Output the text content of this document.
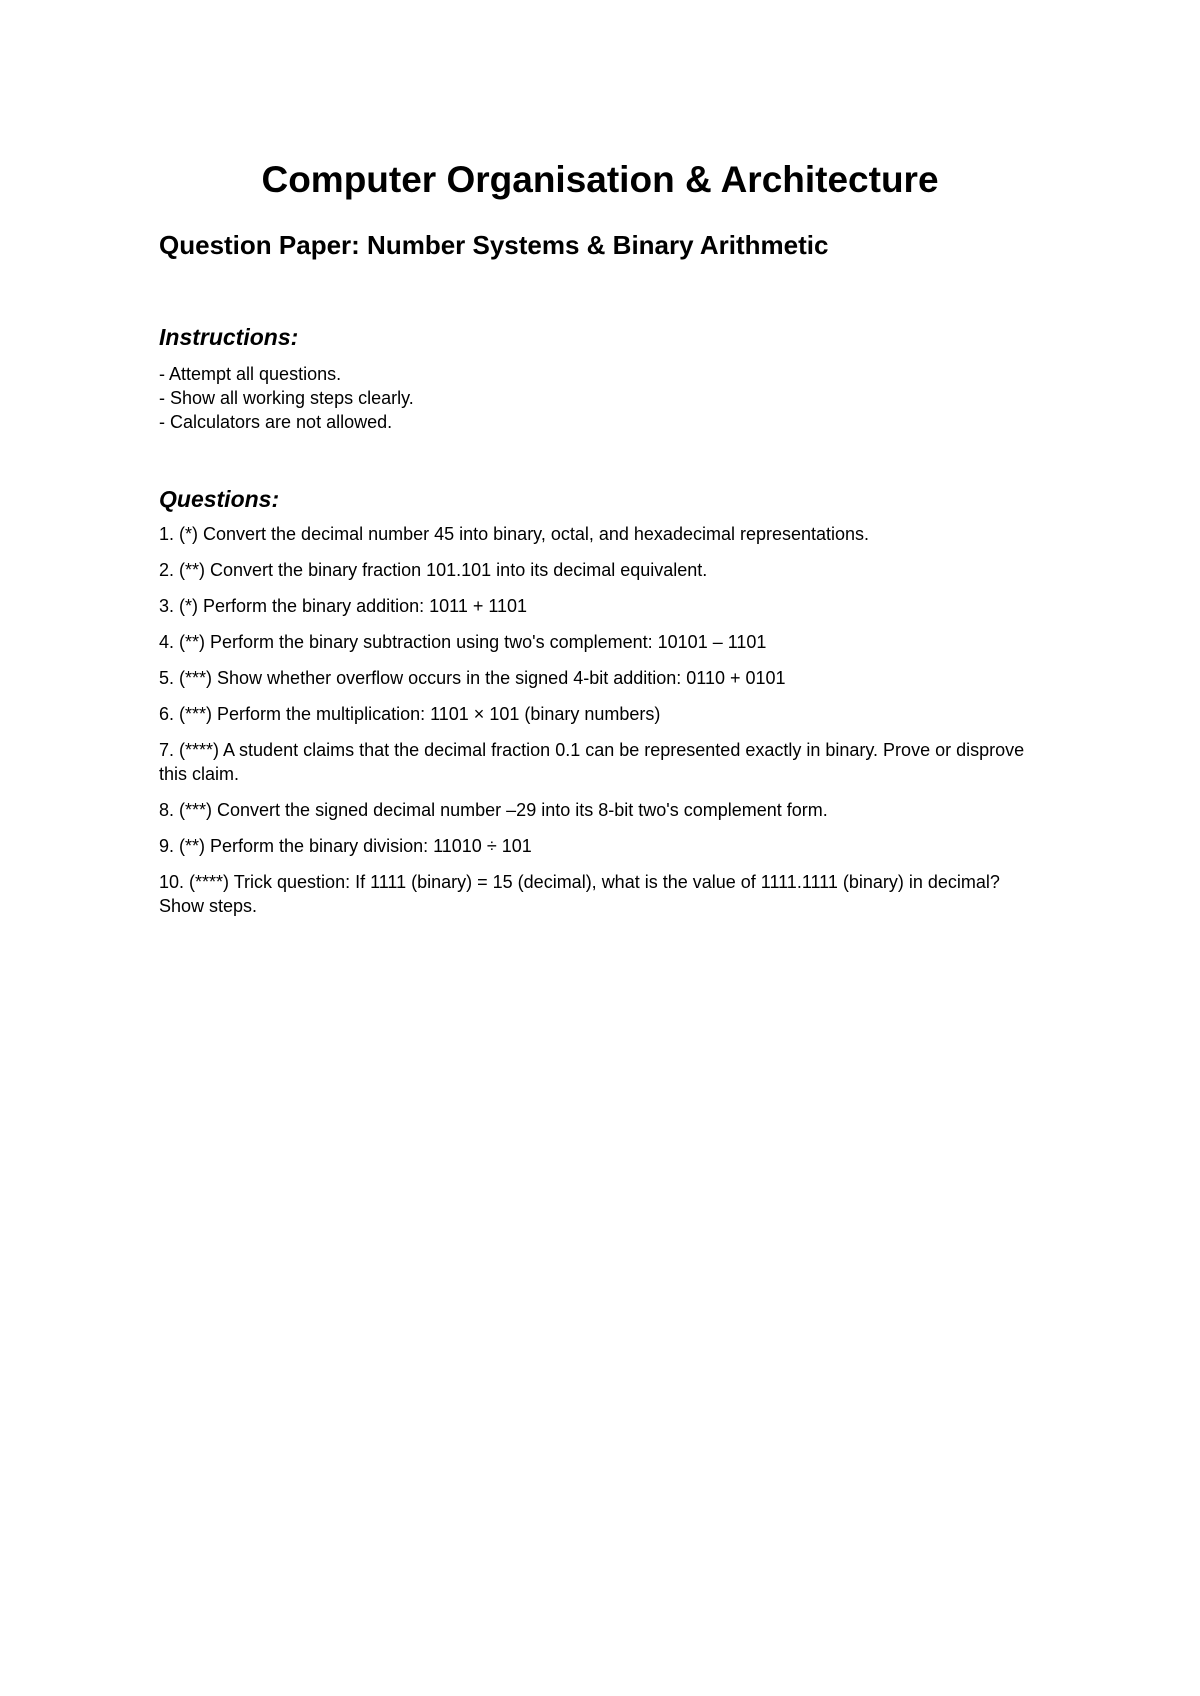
Computer Organisation & Architecture
Question Paper: Number Systems & Binary Arithmetic
Instructions:
- Attempt all questions.
- Show all working steps clearly.
- Calculators are not allowed.
Questions:
1. (*) Convert the decimal number 45 into binary, octal, and hexadecimal representations.
2. (**) Convert the binary fraction 101.101 into its decimal equivalent.
3. (*) Perform the binary addition: 1011 + 1101
4. (**) Perform the binary subtraction using two's complement: 10101 – 1101
5. (***) Show whether overflow occurs in the signed 4-bit addition: 0110 + 0101
6. (***) Perform the multiplication: 1101 × 101 (binary numbers)
7. (****) A student claims that the decimal fraction 0.1 can be represented exactly in binary. Prove or disprove this claim.
8. (***) Convert the signed decimal number –29 into its 8-bit two's complement form.
9. (**) Perform the binary division: 11010 ÷ 101
10. (****) Trick question: If 1111 (binary) = 15 (decimal), what is the value of 1111.1111 (binary) in decimal? Show steps.
